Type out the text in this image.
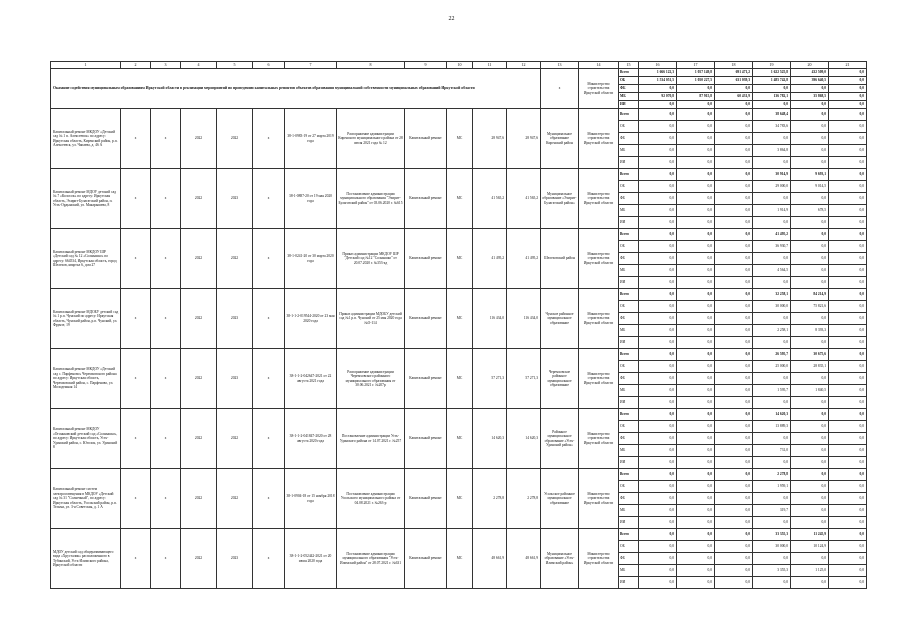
22
1	2	3	4	5	6	7	8	9	10	11	12	13	14	15	16	17	18	19	20	21
Оказание содействия муниципальным образованиям Иркутской области в реализации мероприятий по проведению капитальных ремонтов объектов образования муниципальной собственности муниципальных образований Иркутской области												х	Министерство строительства Иркутской области	Всего	1 666 122,3	1 057 149,8	691 471,2	1 622 525,8	432 509,0	0,0
														ОБ	1 534 051,5	1 050 227,5	631 039,3	1 485 742,8	396 640,5	0,0
														ФБ	0,0	0,0	0,0	0,0	0,0	0,0
														МБ	92 070,8	87 915,8	60 431,9	136 782,1	35 868,5	0,0
														ИИ	0,0	0,0	0,0	0,0	0,0	0,0
Капитальный ремонт МКДОУ «Детский сад № 1 п. Алексеевск» по адресу: Иркутская область, Киренский район, р.п. Алексеевск, ул. Чапаева, д. 46 А	х	х	2022	2022	х	38-1-0983-19 от 27 марта 2019 года	Распоряжение администрации Киренского муниципального района от 28 июля 2021 года № 12	Капитальный ремонт	МС	28 947,6	28 947,6	Муниципальное образование Киренский район	Министерство строительства Иркутской области	Всего	0,0	0,0	0,0	38 648,4	0,0	0,0
														ОБ	0,0	0,0	0,0	34 783,6	0,0	0,0
														ФБ	0,0	0,0	0,0	0,0	0,0	0,0
														МБ	0,0	0,0	0,0	3 864,8	0,0	0,0
														ИИ	0,0	0,0	0,0	0,0	0,0	0,0
Капитальный ремонт МДОУ детский сад № 7 «Колосок» по адресу: Иркутская область, Эхирит-Булагатский район, п. Усть-Ордынский, ул. Макарышева, 8	х	х	2022	2023	х	38-1-0887-20 от 19 мая 2020 года	Постановление администрации муниципального образования "Эхирит-Булагатский район" от 03.06.2020 г. №615	Капитальный ремонт	МС	41 565,2	41 565,2	Муниципальное образование «Эхирит-Булагатский район»	Министерство строительства Иркутской области	Всего	0,0	0,0	0,0	30 914,9	9 693,1	0,0
														ОБ	0,0	0,0	0,0	29 000,0	9 014,5	0,0
														ФБ	0,0	0,0	0,0	0,0	0,0	0,0
														МБ	0,0	0,0	0,0	1 914,9	678,5	0,0
														ИИ	0,0	0,0	0,0	0,0	0,0	0,0
Капитальный ремонт МКДОУ ШР «Детский сад № 12 «Солнышко» по адресу: 664534, Иркутская область, город Шелехов, квартал 6, дом 27	х	х	2022	2022	х	38-1-0241-20 от 30 марта 2020 года	Приказ администрации МКДОУ ШР "Детский сад №12 "Солнышко" от 20.07.2020 г. №353-ад	Капитальный ремонт	МС	41 495,2	41 495,2	Шелеховский район	Министерство строительства Иркутской области	Всего	0,0	0,0	0,0	41 495,2	0,0	0,0
														ОБ	0,0	0,0	0,0	36 930,7	0,0	0,0
														ФБ	0,0	0,0	0,0	0,0	0,0	0,0
														МБ	0,0	0,0	0,0	4 564,5	0,0	0,0
														ИИ	0,0	0,0	0,0	0,0	0,0	0,0
Капитальный ремонт МДОБУ детский сад № 1 р.п. Чунский по адресу: Иркутская область, Чунский район, р.п. Чунский, ул. Фрунзе, 19	х	х	2022	2023	х	38-1-1-2-019544-2020 от 23 мая 2020 года	Приказ администрации МДОБУ детский сад №1 р.п. Чунский от 25 мая 2020 года №О-114	Капитальный ремонт	МС	116 434,0	116 434,0	Чунское районное муниципальное образование	Министерство строительства Иркутской области	Всего	0,0	0,0	0,0	32 258,1	84 214,9	0,0
														ОБ	0,0	0,0	0,0	30 000,0	75 821,6	0,0
														ФБ	0,0	0,0	0,0	0,0	0,0	0,0
														МБ	0,0	0,0	0,0	2 258,1	8 393,3	0,0
														ИИ	0,0	0,0	0,0	0,0	0,0	0,0
Капитальный ремонт МКДОУ «Детский сад с. Парфеново» Черемховского района по адресу: Иркутская область, Черемховский район, с. Парфеново, ул. Молодежная 14	х	х	2022	2023	х	38-1-1-2-042647-2021 от 22 августа 2021 года	Распоряжение администрации Черемховского районного муниципального образования от 30.06.2021 г. №207р	Капитальный ремонт	МС	57 271,3	57 271,3	Черемховское районное муниципальное образование	Министерство строительства Иркутской области	Всего	0,0	0,0	0,0	26 595,7	30 675,6	0,0
														ОБ	0,0	0,0	0,0	25 000,0	28 835,1	0,0
														ФБ	0,0	0,0	0,0	0,0	0,0	0,0
														МБ	0,0	0,0	0,0	1 595,7	1 840,5	0,0
														ИИ	0,0	0,0	0,0	0,0	0,0	0,0
Капитальный ремонт МКДОУ «Огоньковский детский сад «Солнышко», по адресу: Иркутская область, Усть-Удинский район, с. Юголок, ул. Удинский 8	х	х	2022	2022	х	38-1-1-2-041847-2020 от 28 августа 2020 года	Постановление администрации Усть-Удинского района от 14.07.2021 г. №257	Капитальный ремонт	МС	14 620,3	14 620,3	Районное муниципальное образование «Усть-Удинский район»	Министерство строительства Иркутской области	Всего	0,0	0,0	0,0	14 620,3	0,0	0,0
														ОБ	0,0	0,0	0,0	13 889,3	0,0	0,0
														ФБ	0,0	0,0	0,0	0,0	0,0	0,0
														МБ	0,0	0,0	0,0	731,0	0,0	0,0
														ИИ	0,0	0,0	0,0	0,0	0,0	0,0
Капитальный ремонт систем электроосвещения в МКДОУ «Детский сад № 31 "Солнечный", по адресу: Иркутская область, Усольский район, р.п. Тельма, ул. 3-я Советская, д. 1 А	х	х	2022	2022	х	38-1-0904-18 от 15 ноября 2018 года	Постановление администрации Усольского муниципального района от 04.08.2021 г. №263-р	Капитальный ремонт	МС	2 278,8	2 278,8	Усольское районное муниципальное образование	Министерство строительства Иркутской области	Всего	0,0	0,0	0,0	2 278,8	0,0	0,0
														ОБ	0,0	0,0	0,0	1 959,1	0,0	0,0
														ФБ	0,0	0,0	0,0	0,0	0,0	0,0
														МБ	0,0	0,0	0,0	319,7	0,0	0,0
														ИИ	0,0	0,0	0,0	0,0	0,0	0,0
МДОУ детский сад общеразвивающего вида «Хрусталик» расположенного в Тубинский, Усть-Илимского района, Иркутской области	х	х	2022	2023	х	38-1-1-2-052442-2021 от 20 июля 2020 года	Постановление администрации муниципального образования "Усть-Илимский район" от 28.07.2021 г. №631	Капитальный ремонт	МС	48 661,9	48 661,9	Муниципальное образование «Усть-Илимский район»	Министерство строительства Иркутской области	Всего	0,0	0,0	0,0	33 355,3	11 245,9	0,0
														ОБ	0,0	0,0	0,0	30 000,0	10 124,9	0,0
														ФБ	0,0	0,0	0,0	0,0	0,0	0,0
														МБ	0,0	0,0	0,0	3 355,3	1 125,0	0,0
														ИИ	0,0	0,0	0,0	0,0	0,0	0,0
